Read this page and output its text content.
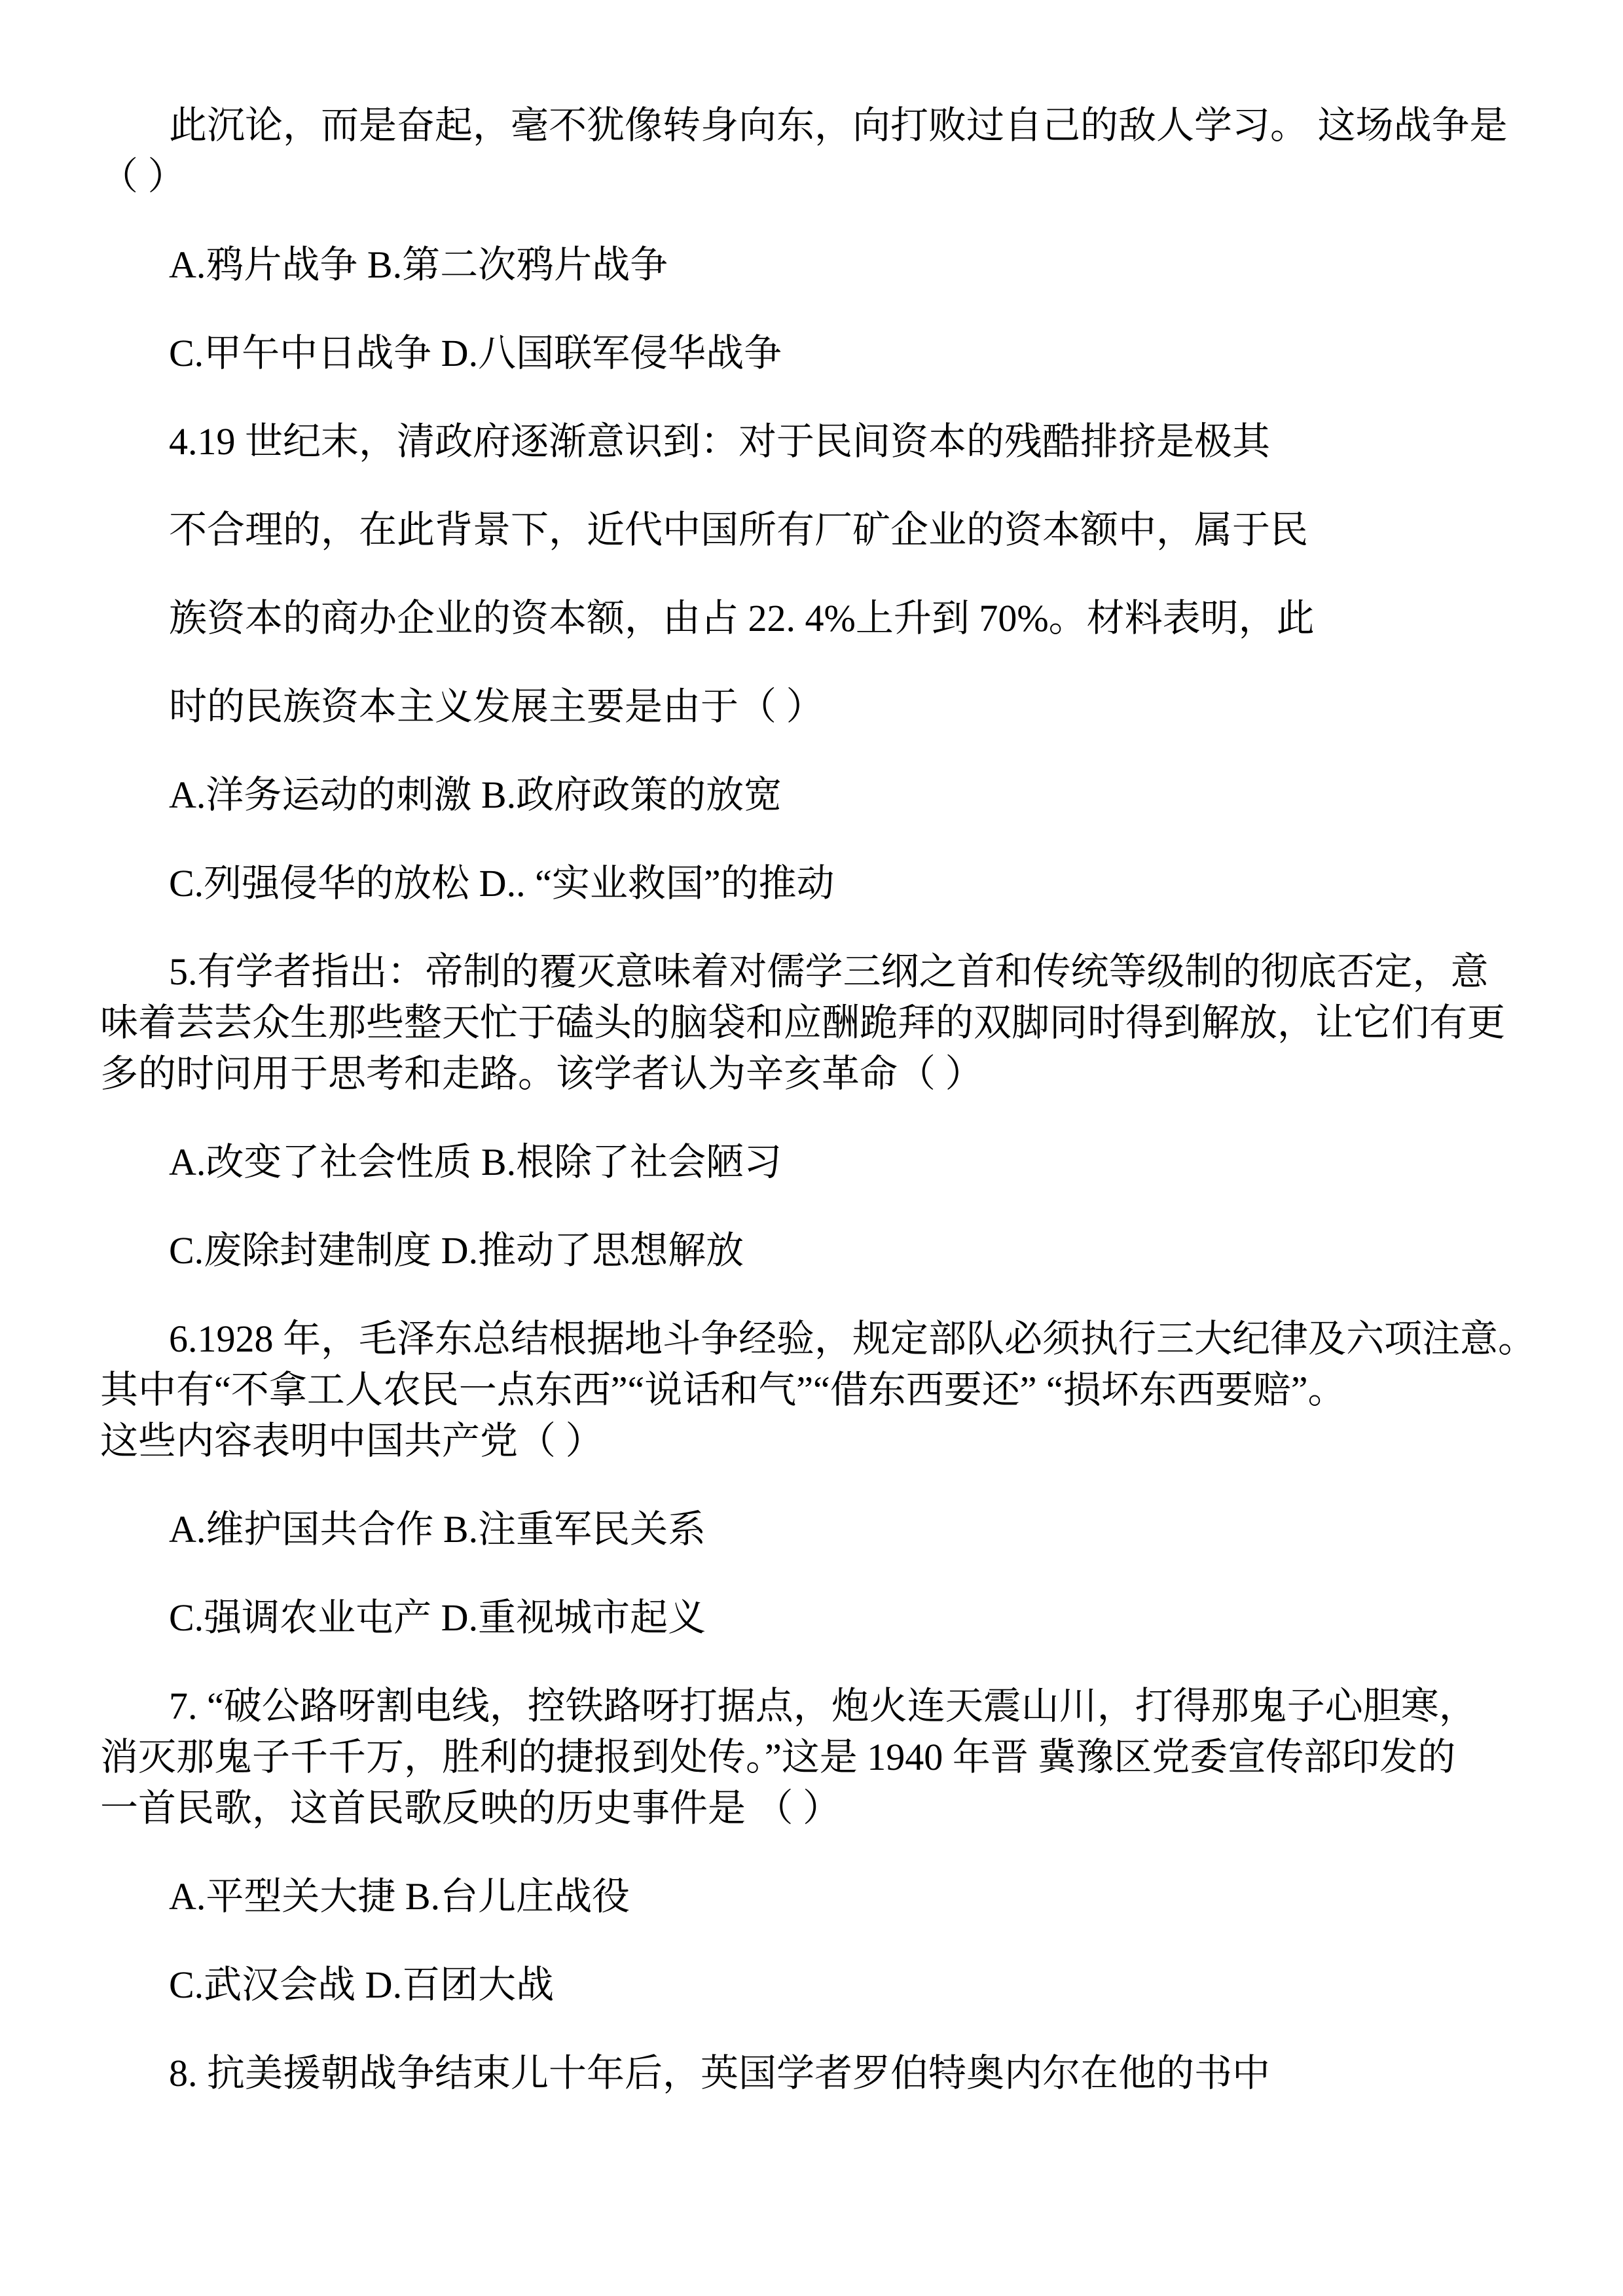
此沉论，而是奋起，毫不犹像转身向东，向打败过自己的敌人学习。 这场战争是
（ ）
A.鸦片战争 B.第二次鸦片战争
C.甲午中日战争 D.八国联军侵华战争
4.19 世纪末，清政府逐渐意识到：对于民间资本的残酷排挤是极其
不合理的，在此背景下，近代中国所有厂矿企业的资本额中，属于民
族资本的商办企业的资本额，由占 22. 4%上升到 70%。材料表明，此
时的民族资本主义发展主要是由于（ ）
A.洋务运动的刺激 B.政府政策的放宽
C.列强侵华的放松 D.. “实业救国”的推动
5.有学者指出：帝制的覆灭意味着对儒学三纲之首和传统等级制的彻底否定，意
味着芸芸众生那些整天忙于磕头的脑袋和应酬跪拜的双脚同时得到解放，让它们有更
多的时问用于思考和走路。该学者认为辛亥革命（ ）
A.改变了社会性质 B.根除了社会陋习
C.废除封建制度 D.推动了思想解放
6.1928 年，毛泽东总结根据地斗争经验，规定部队必须执行三大纪律及六项注意。
其中有“不拿工人农民一点东西”“说话和气”“借东西要还” “损坏东西要赔”。
这些内容表明中国共产党（ ）
A.维护国共合作 B.注重军民关系
C.强调农业屯产 D.重视城市起义
7. “破公路呀割电线，控铁路呀打据点，炮火连天震山川，打得那鬼子心胆寒，
消灭那鬼子千千万，胜利的捷报到处传。”这是 1940 年晋 冀豫区党委宣传部印发的
一首民歌，这首民歌反映的历史事件是 （ ）
A.平型关大捷 B.台儿庄战役
C.武汉会战 D.百团大战
8. 抗美援朝战争结束儿十年后，英国学者罗伯特奥内尔在他的书中
